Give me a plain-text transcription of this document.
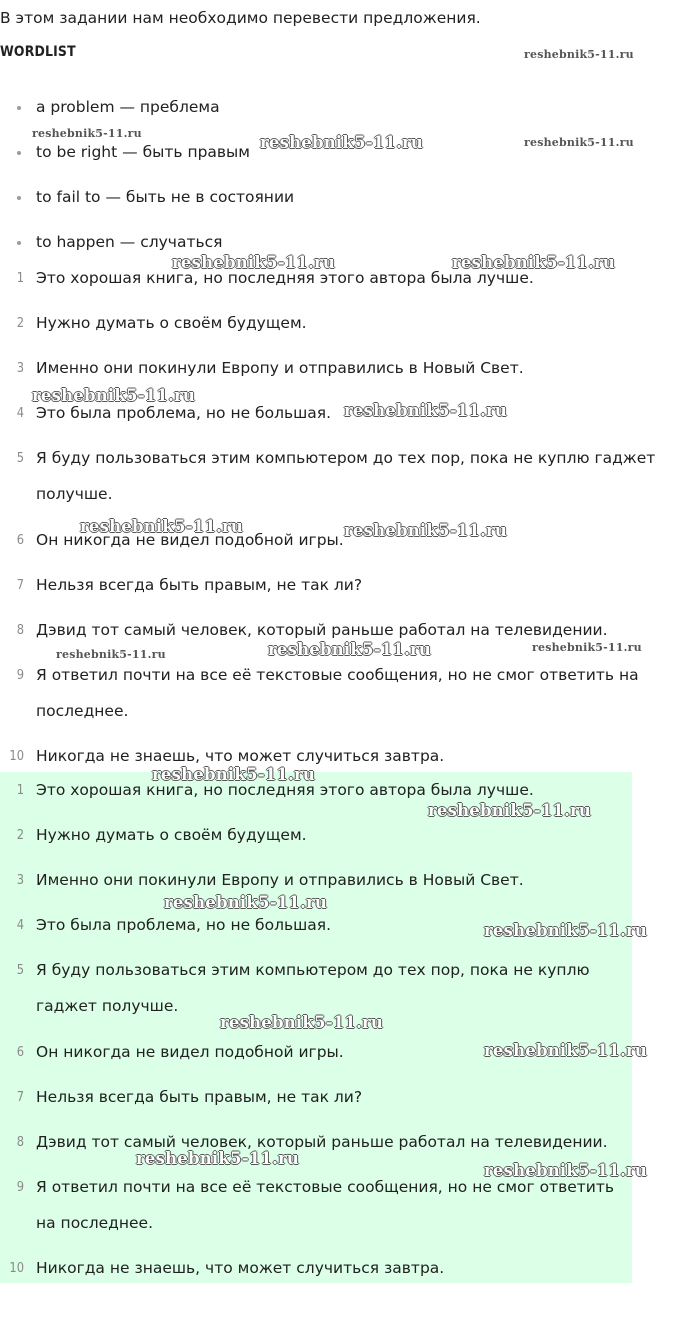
В этом задании нам необходимо перевести предложения.
WORDLIST
a problem — преблема
to be right — быть правым
to fail to — быть не в состоянии
to happen — случаться
1 Это хорошая книга, но последняя этого автора была лучше.
2 Нужно думать о своём будущем.
3 Именно они покинули Европу и отправились в Новый Свет.
4 Это была проблема, но не большая.
5 Я буду пользоваться этим компьютером до тех пор, пока не куплю гаджет
получше.
6 Он никогда не видел подобной игры.
7 Нельзя всегда быть правым, не так ли?
8 Дэвид тот самый человек, который раньше работал на телевидении.
9 Я ответил почти на все её текстовые сообщения, но не смог ответить на
последнее.
10 Никогда не знаешь, что может случиться завтра.
1 Это хорошая книга, но последняя этого автора была лучше.
2 Нужно думать о своём будущем.
3 Именно они покинули Европу и отправились в Новый Свет.
4 Это была проблема, но не большая.
5 Я буду пользоваться этим компьютером до тех пор, пока не куплю
гаджет получше.
6 Он никогда не видел подобной игры.
7 Нельзя всегда быть правым, не так ли?
8 Дэвид тот самый человек, который раньше работал на телевидении.
9 Я ответил почти на все её текстовые сообщения, но не смог ответить
на последнее.
10 Никогда не знаешь, что может случиться завтра.
reshebnik5-11.ru
reshebnik5-11.ru	reshebnik5-11.ru	reshebnik5-11.ru
reshebnik5-11.ru	reshebnik5-11.ru
reshebnik5-11.ru
reshebnik5-11.ru
reshebnik5-11.ru	reshebnik5-11.ru
reshebnik5-11.ru	reshebnik5-11.ru	reshebnik5-11.ru
reshebnik5-11.ru
reshebnik5-11.ru
reshebnik5-11.ru
reshebnik5-11.ru
reshebnik5-11.ru
reshebnik5-11.ru
reshebnik5-11.ru
reshebnik5-11.ru
